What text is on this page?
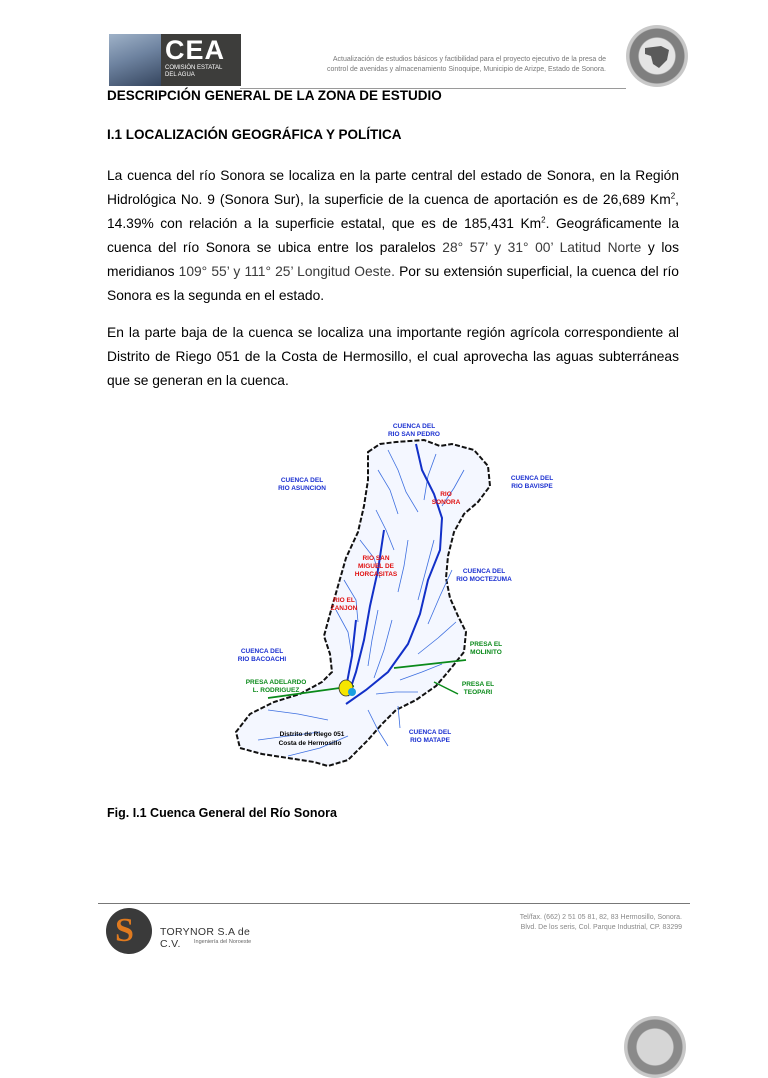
CEA
COMISIÓN ESTATAL
DEL AGUA
Actualización de estudios básicos y factibilidad para el proyecto ejecutivo de la presa de
control de avenidas y almacenamiento Sinoquipe, Municipio de Arizpe, Estado de Sonora.
DESCRIPCIÓN GENERAL DE LA ZONA DE ESTUDIO
I.1 LOCALIZACIÓN GEOGRÁFICA Y POLÍTICA
La cuenca del río Sonora se localiza en la parte central del estado de Sonora, en la Región Hidrológica No. 9 (Sonora Sur), la superficie de la cuenca de aportación es de 26,689 Km$^2$, 14.39% con relación a la superficie estatal, que es de 185,431 Km$^2$. Geográficamente la cuenca del río Sonora se ubica entre los paralelos 28° 57’ y 31° 00’ Latitud Norte y los meridianos 109° 55’ y 111° 25’ Longitud Oeste. Por su extensión superficial, la cuenca del río Sonora es la segunda en el estado.
En la parte baja de la cuenca se localiza una importante región agrícola correspondiente al Distrito de Riego 051 de la Costa de Hermosillo, el cual aprovecha las aguas subterráneas que se generan en la cuenca.
CUENCA DEL
RIO SAN PEDRO
CUENCA DEL
RIO ASUNCION
CUENCA DEL
RIO BAVISPE
RIO
SONORA
RIO SAN
MIGUEL DE
HORCASITAS	CUENCA DEL
RIO MOCTEZUMA
RIO EL
ZANJON
PRESA EL
MOLINITO
CUENCA DEL
RIO BACOACHI
PRESA ADELARDO
L. RODRIGUEZ
PRESA EL
TEOPARI
Distrito de Riego 051
Costa de Hermosillo
CUENCA DEL
RIO MATAPE
Fig. I.1 Cuenca General del Río Sonora
S TORYNOR S.A de C.V.	Ingeniería del Noroeste
Tel/fax. (662) 2 51 05 81, 82, 83 Hermosillo, Sonora.
Blvd. De los seris, Col. Parque Industrial, CP. 83299
